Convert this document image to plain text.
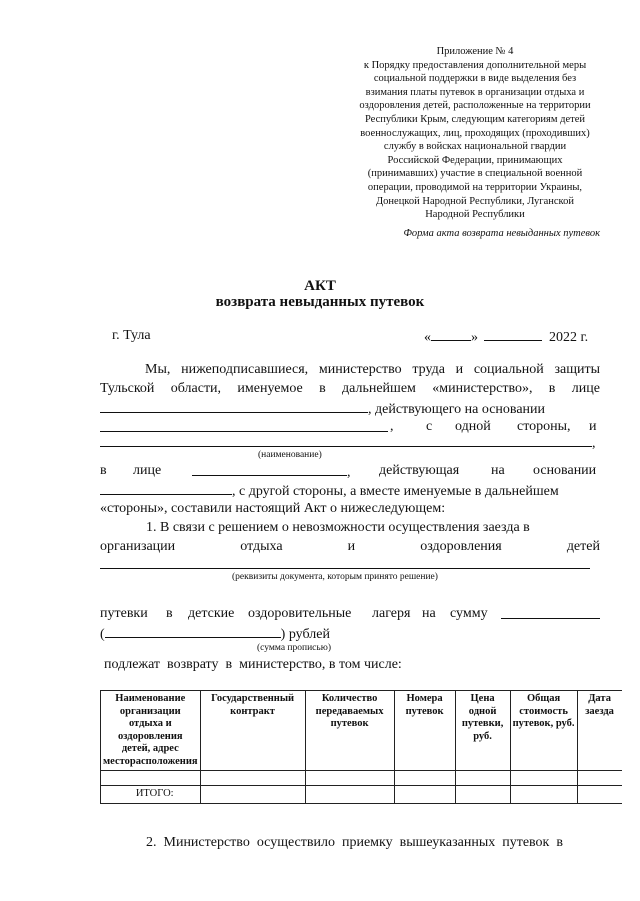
Приложение № 4
к Порядку предоставления дополнительной меры
социальной поддержки в виде выделения без
взимания платы путевок в организации отдыха и
оздоровления детей, расположенные на территории
Республики Крым, следующим категориям детей
военнослужащих, лиц, проходящих (проходивших)
службу в войсках национальной гвардии
Российской Федерации, принимающих
(принимавших) участие в специальной военной
операции, проводимой на территории Украины,
Донецкой Народной Республики, Луганской
Народной Республики
Форма акта возврата невыданных путевок
АКТ
возврата невыданных путевок
г. Тула	«	»	2022 г.
Мы, нижеподписавшиеся, министерство труда и социальной защиты
Тульской области, именуемое в дальнейшем «министерство», в лице
, действующего на основании
, с одной стороны, и
,
(наименование)
в лице	, действующая на основании
, с другой стороны, а вместе именуемые в дальнейшем
«стороны», составили настоящий Акт о нижеследующем:
1. В связи с решением о невозможности осуществления заезда в
организации	отдыха	и	оздоровления	детей
(реквизиты документа, которым принято решение)
путевки в детские оздоровительные лагеря на сумму
(	) рублей
(сумма прописью)
подлежат  возврату  в  министерство, в том числе:
Наименование организации отдыха и оздоровления детей, адрес месторасположения	Государственный контракт	Количество передаваемых путевок	Номера путевок	Цена одной путевки, руб.	Общая стоимость путевок, руб.	Дата заезда

ИТОГО:						
2.  Министерство  осуществило  приемку  вышеуказанных  путевок  в
